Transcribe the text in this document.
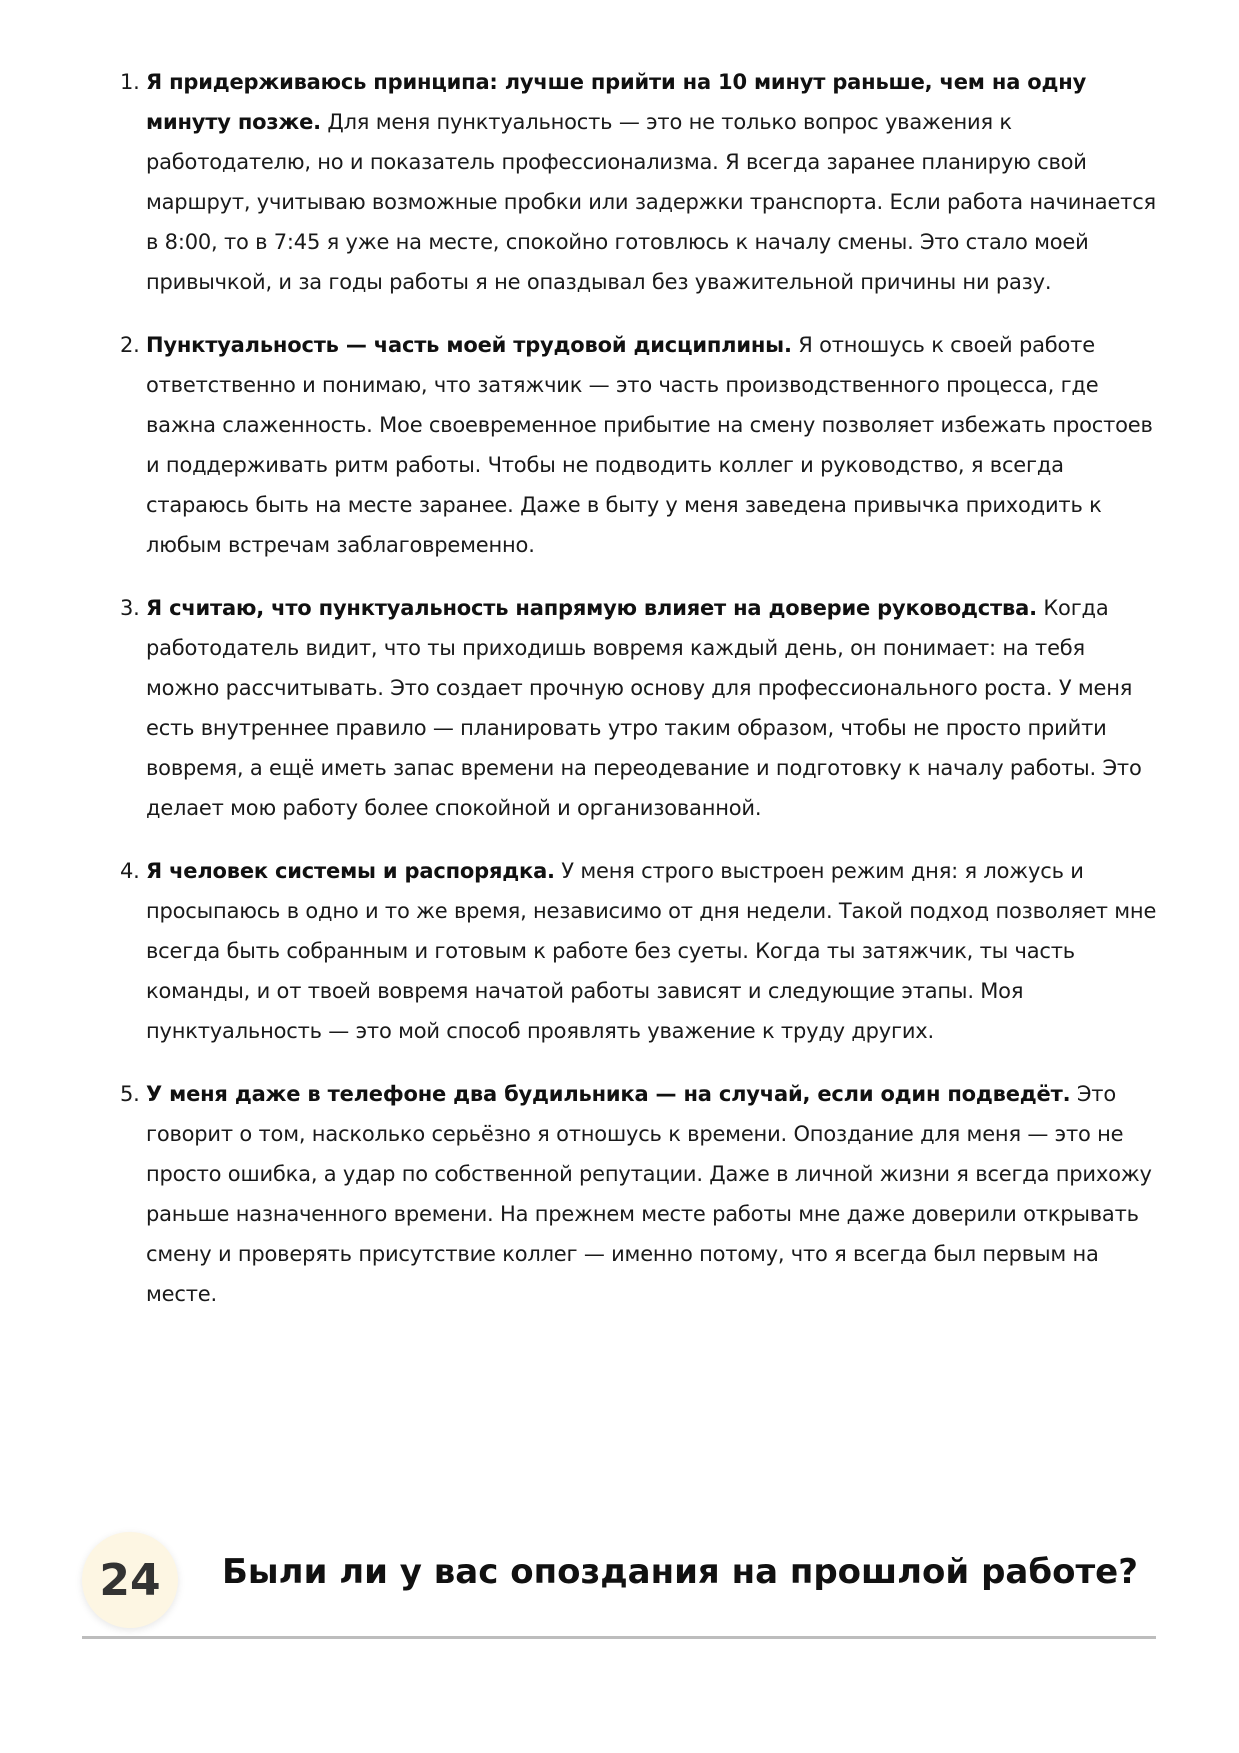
1. Я придерживаюсь принципа: лучше прийти на 10 минут раньше, чем на одну минуту позже. Для меня пунктуальность — это не только вопрос уважения к работодателю, но и показатель профессионализма. Я всегда заранее планирую свой маршрут, учитываю возможные пробки или задержки транспорта. Если работа начинается в 8:00, то в 7:45 я уже на месте, спокойно готовлюсь к началу смены. Это стало моей привычкой, и за годы работы я не опаздывал без уважительной причины ни разу.
2. Пунктуальность — часть моей трудовой дисциплины. Я отношусь к своей работе ответственно и понимаю, что затяжчик — это часть производственного процесса, где важна слаженность. Мое своевременное прибытие на смену позволяет избежать простоев и поддерживать ритм работы. Чтобы не подводить коллег и руководство, я всегда стараюсь быть на месте заранее. Даже в быту у меня заведена привычка приходить к любым встречам заблаговременно.
3. Я считаю, что пунктуальность напрямую влияет на доверие руководства. Когда работодатель видит, что ты приходишь вовремя каждый день, он понимает: на тебя можно рассчитывать. Это создает прочную основу для профессионального роста. У меня есть внутреннее правило — планировать утро таким образом, чтобы не просто прийти вовремя, а ещё иметь запас времени на переодевание и подготовку к началу работы. Это делает мою работу более спокойной и организованной.
4. Я человек системы и распорядка. У меня строго выстроен режим дня: я ложусь и просыпаюсь в одно и то же время, независимо от дня недели. Такой подход позволяет мне всегда быть собранным и готовым к работе без суеты. Когда ты затяжчик, ты часть команды, и от твоей вовремя начатой работы зависят и следующие этапы. Моя пунктуальность — это мой способ проявлять уважение к труду других.
5. У меня даже в телефоне два будильника — на случай, если один подведёт. Это говорит о том, насколько серьёзно я отношусь к времени. Опоздание для меня — это не просто ошибка, а удар по собственной репутации. Даже в личной жизни я всегда прихожу раньше назначенного времени. На прежнем месте работы мне даже доверили открывать смену и проверять присутствие коллег — именно потому, что я всегда был первым на месте.
24	Были ли у вас опоздания на прошлой работе?
